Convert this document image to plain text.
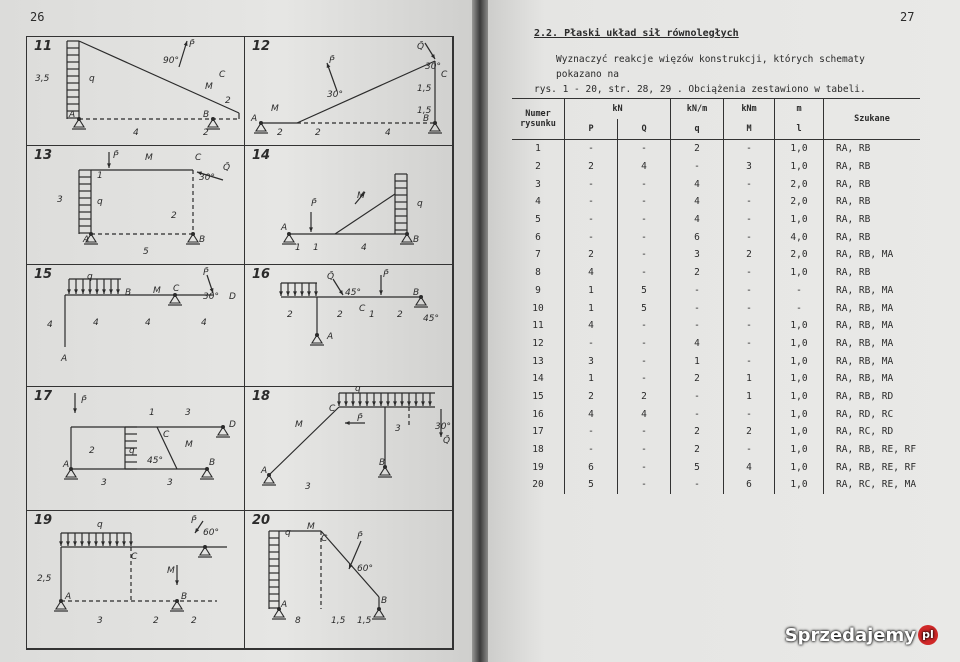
26
11
3,5	q
90°
P̄
C
M
2
A	B
4	2
12
30°
P̄
Q̄
30°
C
1,5
1,5
M
A	B
2	2	4
13	P̄	M	C
Q̄
30°
1
3	q
2
A	B
5
14
P̄
M
q
A
B
1 1	4
15	q	P̄
B M C
30° D
4
A
4	4	4
16	Q̄
45°
P̄
B
45°
2	2	1 2
A
C
17	P̄
1	3
D
C
M
q
45°
2
A	B
3	3
18	q
M
C
P̄
Q̄
30°
3
A
B
3
19	q	P̄
60°
C
M
2,5
A	B
3	2	2
20
q
M
C	P̄
60°
A	B
8	1,5 1,5
27
2.2. Płaski układ sił równoległych
Wyznaczyć reakcje więzów konstrukcji, których schematy pokazano na
rys. 1 - 20, str. 28, 29 . Obciążenia zestawiono w tabeli.
Numer
rysunku	kN		kN/m	kNm	m	Szukane
	P	Q	q	M	l	
1	-	-	2	-	1,0	RA, RB
2	2	4	-	3	1,0	RA, RB
3	-	-	4	-	2,0	RA, RB
4	-	-	4	-	2,0	RA, RB
5	-	-	4	-	1,0	RA, RB
6	-	-	6	-	4,0	RA, RB
7	2	-	3	2	2,0	RA, RB, MA
8	4	-	2	-	1,0	RA, RB
9	1	5	-	-	-	RA, RB, MA
10	1	5	-	-	-	RA, RB, MA
11	4	-	-	-	1,0	RA, RB, MA
12	-	-	4	-	1,0	RA, RB, MA
13	3	-	1	-	1,0	RA, RB, MA
14	1	-	2	1	1,0	RA, RB, MA
15	2	2	-	1	1,0	RA, RB, RD
16	4	4	-	-	1,0	RA, RD, RC
17	-	-	2	2	1,0	RA, RC, RD
18	-	-	2	-	1,0	RA, RB, RE, RF
19	6	-	5	4	1,0	RA, RB, RE, RF
20	5	-	-	6	1,0	RA, RC, RE, MA
Sprzedajemy pl
